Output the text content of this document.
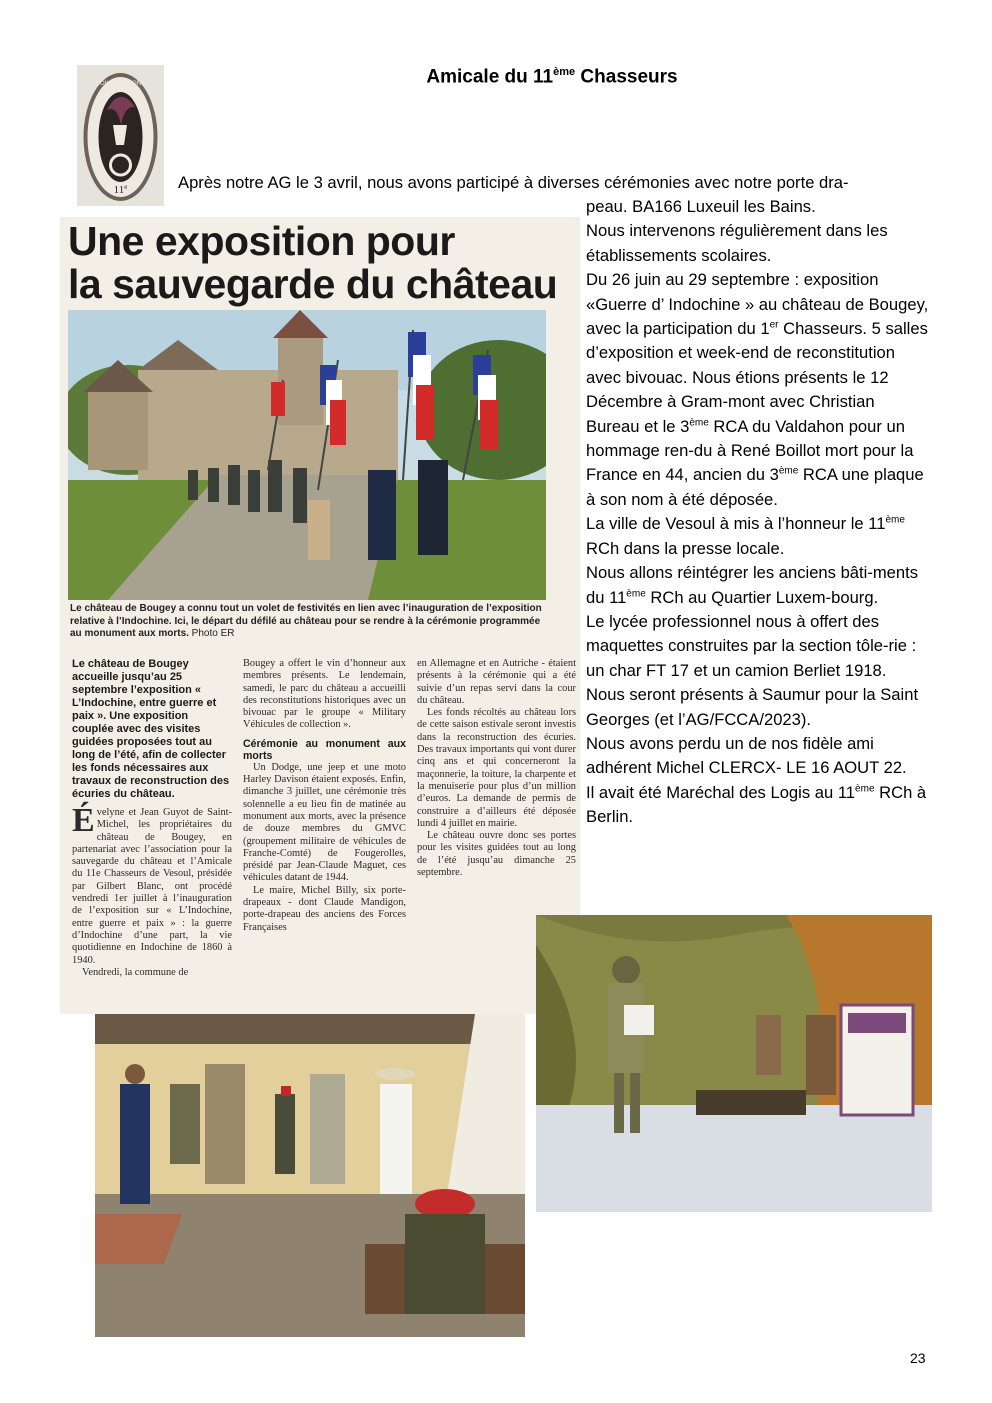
11e
VOILA LES BONS	Amicale du 11ème Chasseurs
Après notre AG le 3 avril, nous avons participé à diverses cérémonies avec notre porte dra-

peau. BA166 Luxeuil les Bains.

Nous intervenons régulièrement dans les établissements scolaires.

Du 26 juin au 29 septembre : exposition «Guerre d’ Indochine » au château de Bougey, avec la participation du 1er Chasseurs. 5 salles d’exposition et week-end de reconstitution avec bivouac. Nous étions présents le 12 Décembre à Gram-mont avec Christian Bureau et le 3ème RCA du Valdahon pour un hommage ren-du à René Boillot mort pour la France en 44, ancien du 3ème RCA une plaque à son nom à été déposée.

La ville de Vesoul à mis à l’honneur le 11ème RCh dans la presse locale.

Nous allons réintégrer les anciens bâti-ments du 11ème RCh au Quartier Luxem-bourg.

Le lycée professionnel nous à offert des maquettes construites par la section tôle-rie : un char FT 17 et un camion Berliet 1918.

Nous seront présents à Saumur pour la Saint Georges (et l’AG/FCCA/2023).

Nous avons perdu un de nos fidèle ami adhérent Michel CLERCX- LE 16 AOUT 22.

Il avait été Maréchal des Logis au 11ème RCh à Berlin.

Une exposition pour
la sauvegarde du château
Le château de Bougey a connu tout un volet de festivités en lien avec l’inauguration de l’exposition relative à l’Indochine. Ici, le départ du défilé au château pour se rendre à la cérémonie programmée au monument aux morts. Photo ER

Le château de Bougey accueille jusqu’au 25 septembre l’exposition « L’Indochine, entre guerre et paix ». Une exposition couplée avec des visites guidées proposées tout au long de l’été, afin de collecter les fonds nécessaires aux travaux de reconstruction des écuries du château.

Évelyne et Jean Guyot de Saint-Michel, les propriétaires du château de Bougey, en partenariat avec l’association pour la sauvegarde du château et l’Amicale du 11e Chasseurs de Vesoul, présidée par Gilbert Blanc, ont procédé vendredi 1er juillet à l’inauguration de l’exposition sur « L’Indochine, entre guerre et paix » : la guerre d’Indochine d’une part, la vie quotidienne en Indochine de 1860 à 1940.

Vendredi, la commune de

Bougey a offert le vin d’honneur aux membres présents. Le lendemain, samedi, le parc du château a accueilli des reconstitutions historiques avec un bivouac par le groupe « Military Véhicules de collection ».

Cérémonie au monument aux morts

Un Dodge, une jeep et une moto Harley Davison étaient exposés. Enfin, dimanche 3 juillet, une cérémonie très solennelle a eu lieu fin de matinée au monument aux morts, avec la présence de douze membres du GMVC (groupement militaire de véhicules de Franche-Comté) de Fougerolles, présidé par Jean-Claude Maguet, ces véhicules datant de 1944.

Le maire, Michel Billy, six porte-drapeaux - dont Claude Mandigon, porte-drapeau des anciens des Forces Françaises

en Allemagne et en Autriche - étaient présents à la cérémonie qui a été suivie d’un repas servi dans la cour du château.

Les fonds récoltés au château lors de cette saison estivale seront investis dans la reconstruction des écuries. Des travaux importants qui vont durer cinq ans et qui concerneront la maçonnerie, la toiture, la charpente et la menuiserie pour plus d’un million d’euros. La demande de permis de construire a d’ailleurs été déposée lundi 4 juillet en mairie.

Le château ouvre donc ses portes pour les visites guidées tout au long de l’été jusqu’au dimanche 25 septembre.

23
